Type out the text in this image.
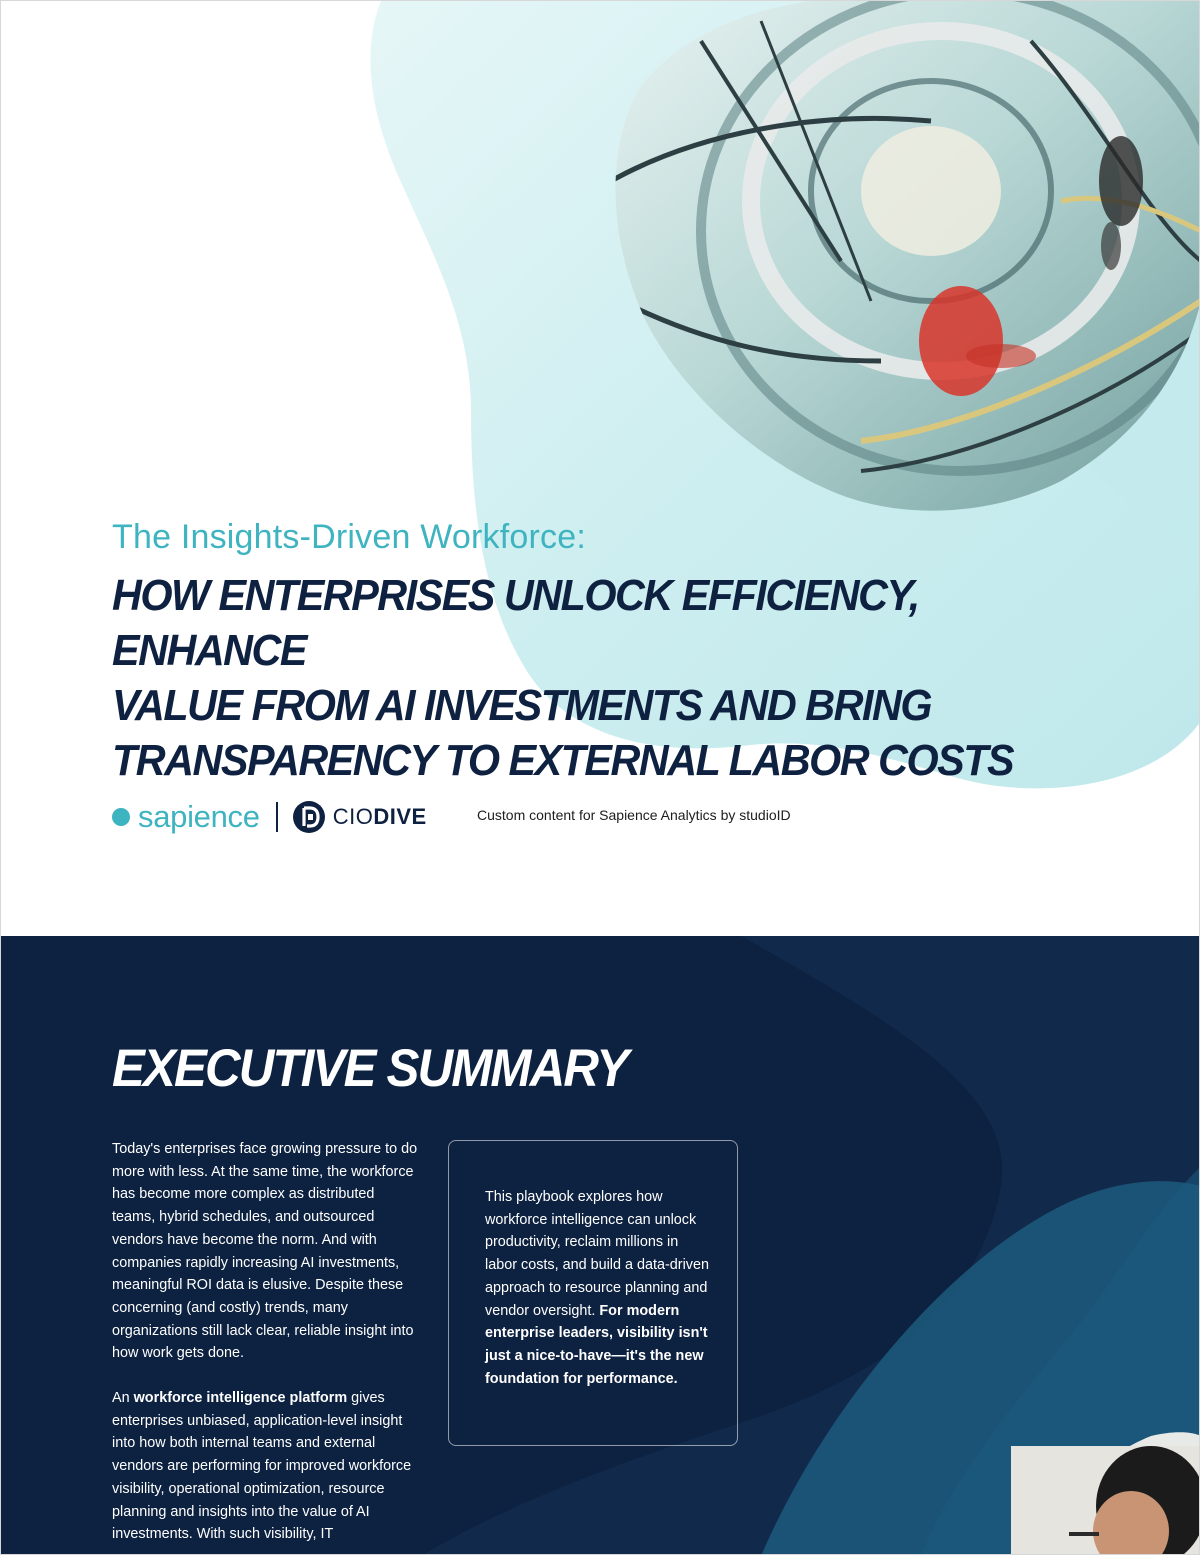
The Insights-Driven Workforce:
HOW ENTERPRISES UNLOCK EFFICIENCY, ENHANCE
VALUE FROM AI INVESTMENTS AND BRING
TRANSPARENCY TO EXTERNAL LABOR COSTS
sapience	CIODIVE	Custom content for Sapience Analytics by studioID
EXECUTIVE SUMMARY

Today's enterprises face growing pressure to do more with less. At the same time, the workforce has become more complex as distributed teams, hybrid schedules, and outsourced vendors have become the norm. And with companies rapidly increasing AI investments, meaningful ROI data is elusive. Despite these concerning (and costly) trends, many organizations still lack clear, reliable insight into how work gets done.

An workforce intelligence platform gives enterprises unbiased, application-level insight into how both internal teams and external vendors are performing for improved workforce visibility, operational optimization, resource planning and insights into the value of AI investments. With such visibility, IT

This playbook explores how workforce intelligence can unlock productivity, reclaim millions in labor costs, and build a data-driven approach to resource planning and vendor oversight. For modern enterprise leaders, visibility isn't just a nice-to-have—it's the new foundation for performance.
